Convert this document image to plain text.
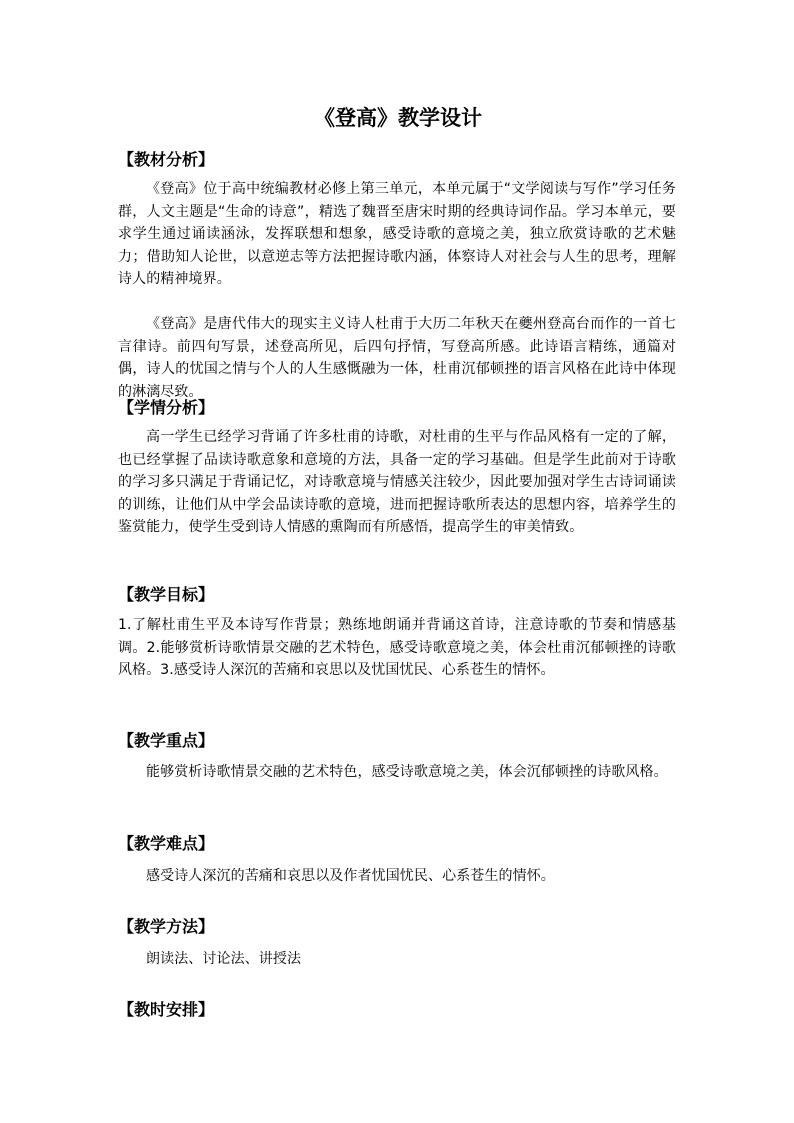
《登高》教学设计
【教材分析】

《登高》位于高中统编教材必修上第三单元，本单元属于“文学阅读与写作”学习任务群，人文主题是“生命的诗意”，精选了魏晋至唐宋时期的经典诗词作品。学习本单元，要求学生通过诵读涵泳，发挥联想和想象，感受诗歌的意境之美，独立欣赏诗歌的艺术魅力；借助知人论世，以意逆志等方法把握诗歌内涵，体察诗人对社会与人生的思考，理解诗人的精神境界。

《登高》是唐代伟大的现实主义诗人杜甫于大历二年秋天在夔州登高台而作的一首七言律诗。前四句写景，述登高所见，后四句抒情，写登高所感。此诗语言精练，通篇对偶，诗人的忧国之情与个人的人生感慨融为一体，杜甫沉郁顿挫的语言风格在此诗中体现的淋漓尽致。

【学情分析】

高一学生已经学习背诵了许多杜甫的诗歌，对杜甫的生平与作品风格有一定的了解，也已经掌握了品读诗歌意象和意境的方法，具备一定的学习基础。但是学生此前对于诗歌的学习多只满足于背诵记忆，对诗歌意境与情感关注较少，因此要加强对学生古诗词诵读的训练，让他们从中学会品读诗歌的意境，进而把握诗歌所表达的思想内容，培养学生的鉴赏能力，使学生受到诗人情感的熏陶而有所感悟，提高学生的审美情致。

【教学目标】

1.了解杜甫生平及本诗写作背景；熟练地朗诵并背诵这首诗，注意诗歌的节奏和情感基调。2.能够赏析诗歌情景交融的艺术特色，感受诗歌意境之美，体会杜甫沉郁顿挫的诗歌风格。3.感受诗人深沉的苦痛和哀思以及忧国忧民、心系苍生的情怀。

【教学重点】

能够赏析诗歌情景交融的艺术特色，感受诗歌意境之美，体会沉郁顿挫的诗歌风格。

【教学难点】

感受诗人深沉的苦痛和哀思以及作者忧国忧民、心系苍生的情怀。

【教学方法】

朗读法、讨论法、讲授法

【教时安排】
